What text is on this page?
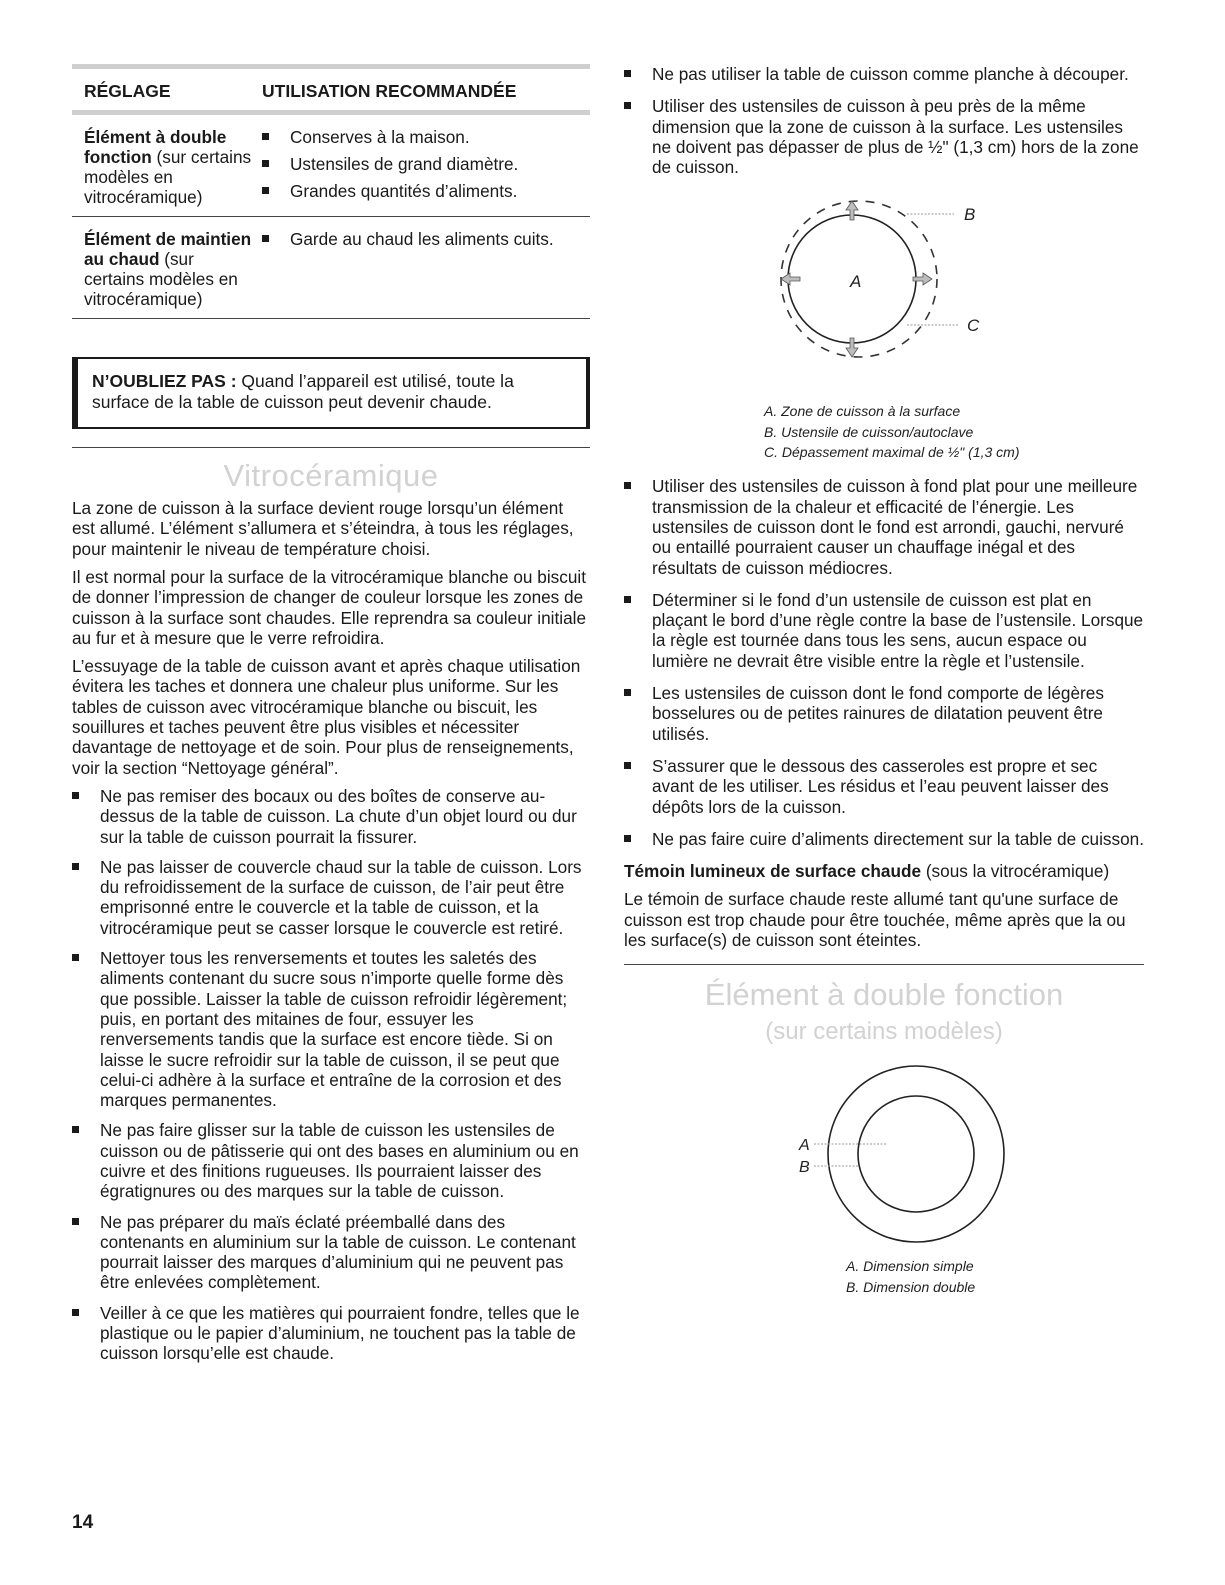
RÉGLAGE	UTILISATION RECOMMANDÉE
Élément à double fonction (sur certains modèles en vitrocéramique)
Conserves à la maison.
Ustensiles de grand diamètre.
Grandes quantités d’aliments.
Élément de maintien au chaud (sur certains modèles en vitrocéramique)
Garde au chaud les aliments cuits.
N’OUBLIEZ PAS : Quand l’appareil est utilisé, toute la surface de la table de cuisson peut devenir chaude.
Vitrocéramique

La zone de cuisson à la surface devient rouge lorsqu’un élément est allumé. L’élément s’allumera et s’éteindra, à tous les réglages, pour maintenir le niveau de température choisi.

Il est normal pour la surface de la vitrocéramique blanche ou biscuit de donner l’impression de changer de couleur lorsque les zones de cuisson à la surface sont chaudes. Elle reprendra sa couleur initiale au fur et à mesure que le verre refroidira.

L’essuyage de la table de cuisson avant et après chaque utilisation évitera les taches et donnera une chaleur plus uniforme. Sur les tables de cuisson avec vitrocéramique blanche ou biscuit, les souillures et taches peuvent être plus visibles et nécessiter davantage de nettoyage et de soin. Pour plus de renseignements, voir la section “Nettoyage général”.

Ne pas remiser des bocaux ou des boîtes de conserve au-dessus de la table de cuisson. La chute d’un objet lourd ou dur sur la table de cuisson pourrait la fissurer.
Ne pas laisser de couvercle chaud sur la table de cuisson. Lors du refroidissement de la surface de cuisson, de l’air peut être emprisonné entre le couvercle et la table de cuisson, et la vitrocéramique peut se casser lorsque le couvercle est retiré.
Nettoyer tous les renversements et toutes les saletés des aliments contenant du sucre sous n’importe quelle forme dès que possible. Laisser la table de cuisson refroidir légèrement; puis, en portant des mitaines de four, essuyer les renversements tandis que la surface est encore tiède. Si on laisse le sucre refroidir sur la table de cuisson, il se peut que celui-ci adhère à la surface et entraîne de la corrosion et des marques permanentes.
Ne pas faire glisser sur la table de cuisson les ustensiles de cuisson ou de pâtisserie qui ont des bases en aluminium ou en cuivre et des finitions rugueuses. Ils pourraient laisser des égratignures ou des marques sur la table de cuisson.
Ne pas préparer du maïs éclaté préemballé dans des contenants en aluminium sur la table de cuisson. Le contenant pourrait laisser des marques d’aluminium qui ne peuvent pas être enlevées complètement.
Veiller à ce que les matières qui pourraient fondre, telles que le plastique ou le papier d’aluminium, ne touchent pas la table de cuisson lorsqu’elle est chaude.
Ne pas utiliser la table de cuisson comme planche à découper.
Utiliser des ustensiles de cuisson à peu près de la même dimension que la zone de cuisson à la surface. Les ustensiles ne doivent pas dépasser de plus de ½" (1,3 cm) hors de la zone de cuisson.
A
B
C
A. Zone de cuisson à la surface
B. Ustensile de cuisson/autoclave
C. Dépassement maximal de ½" (1,3 cm)
Utiliser des ustensiles de cuisson à fond plat pour une meilleure transmission de la chaleur et efficacité de l’énergie. Les ustensiles de cuisson dont le fond est arrondi, gauchi, nervuré ou entaillé pourraient causer un chauffage inégal et des résultats de cuisson médiocres.
Déterminer si le fond d’un ustensile de cuisson est plat en plaçant le bord d’une règle contre la base de l’ustensile. Lorsque la règle est tournée dans tous les sens, aucun espace ou lumière ne devrait être visible entre la règle et l’ustensile.
Les ustensiles de cuisson dont le fond comporte de légères bosselures ou de petites rainures de dilatation peuvent être utilisés.
S’assurer que le dessous des casseroles est propre et sec avant de les utiliser. Les résidus et l’eau peuvent laisser des dépôts lors de la cuisson.
Ne pas faire cuire d’aliments directement sur la table de cuisson.

Témoin lumineux de surface chaude (sous la vitrocéramique)

Le témoin de surface chaude reste allumé tant qu'une surface de cuisson est trop chaude pour être touchée, même après que la ou les surface(s) de cuisson sont éteintes.

Élément à double fonction
(sur certains modèles)
A
B
A. Dimension simple
B. Dimension double
14
